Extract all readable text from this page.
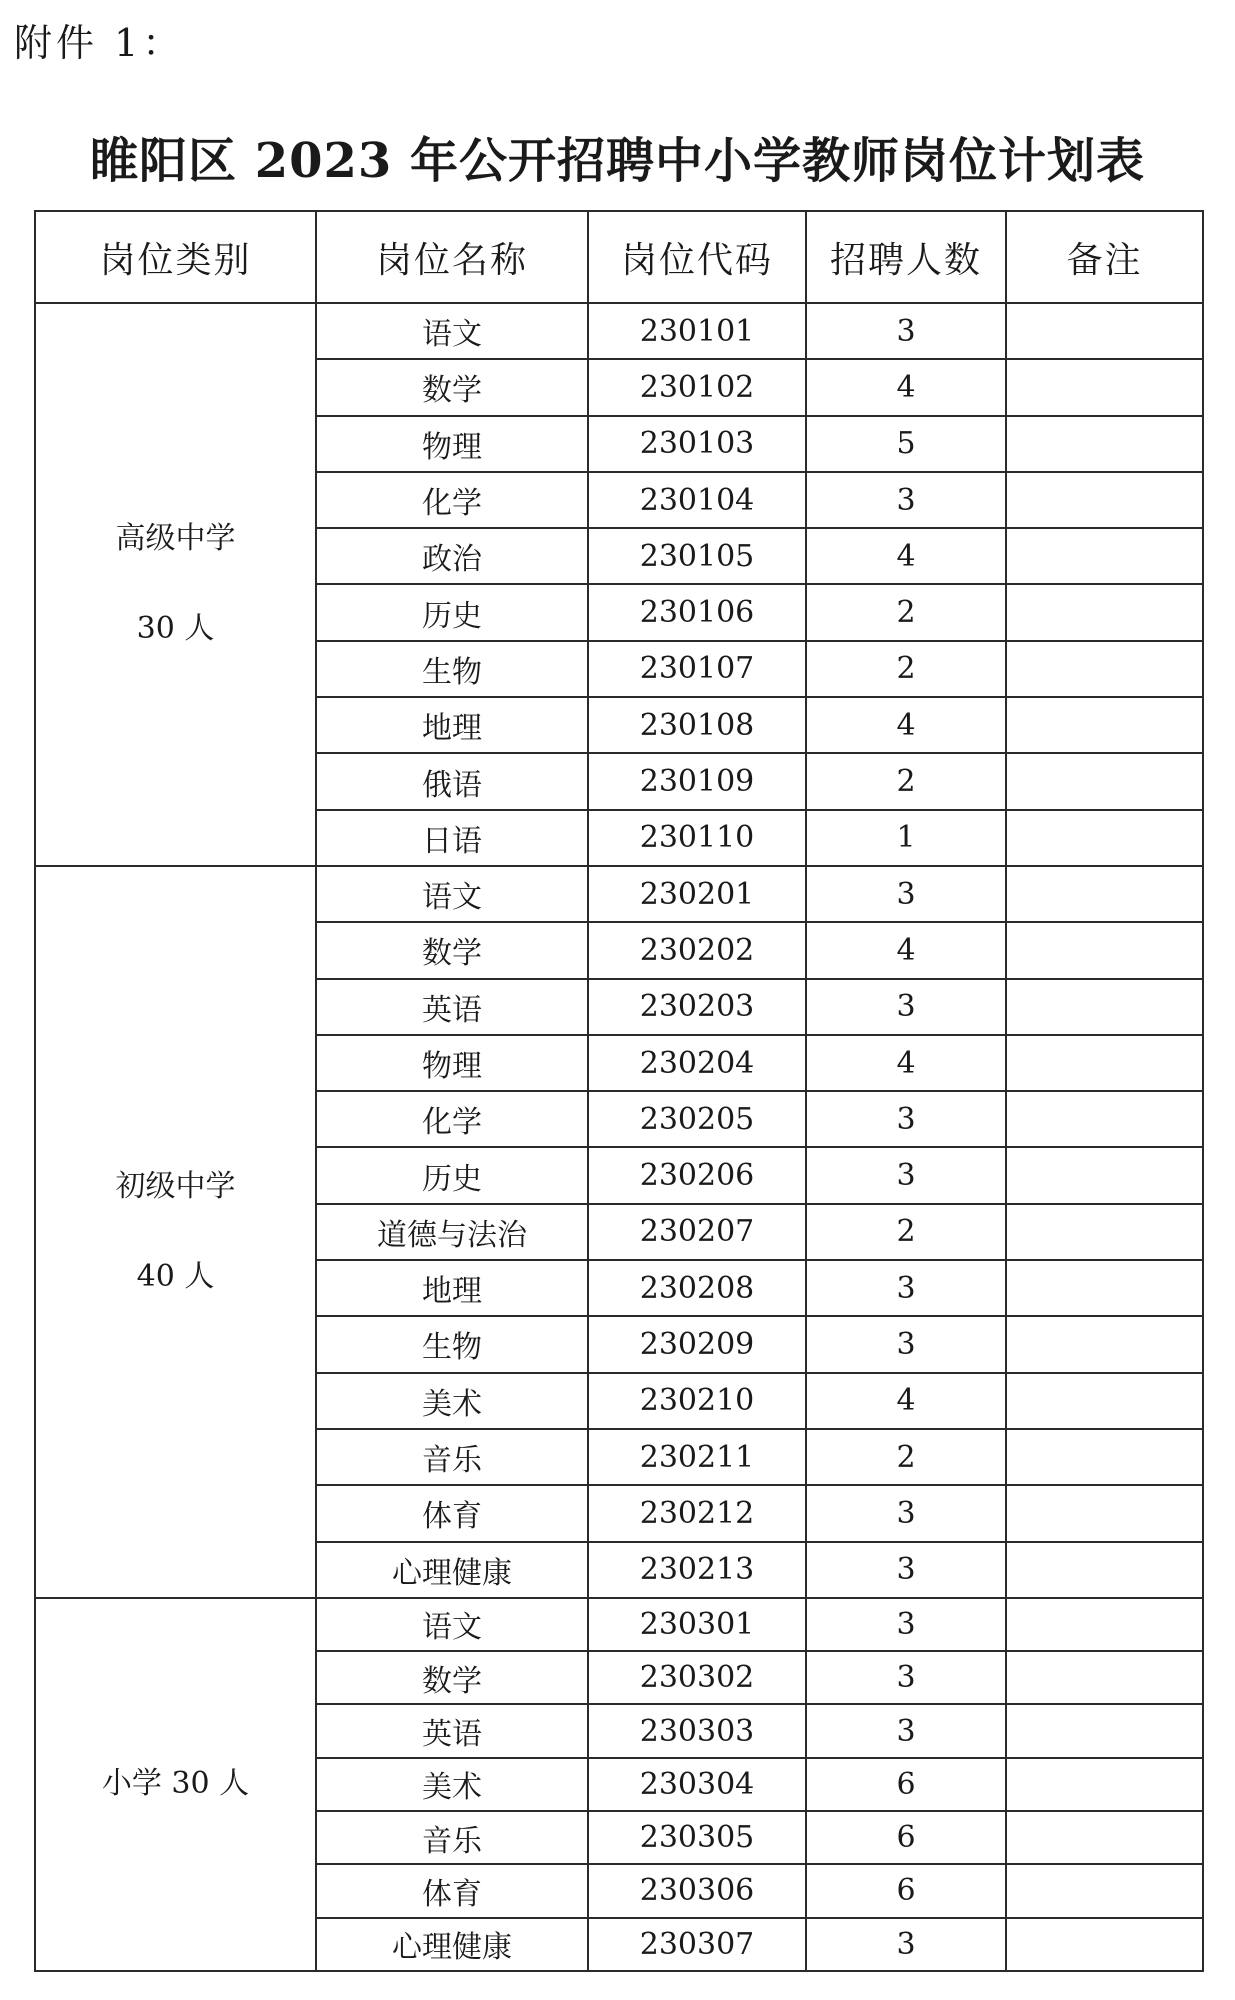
附件 1：
睢阳区 2023 年公开招聘中小学教师岗位计划表
岗位类别	岗位名称	岗位代码	招聘人数	备注

高级中学
30 人	语文	230101	3	
	数学	230102	4	
	物理	230103	5	
	化学	230104	3	
	政治	230105	4	
	历史	230106	2	
	生物	230107	2	
	地理	230108	4	
	俄语	230109	2	
	日语	230110	1	

初级中学
40 人	语文	230201	3	
	数学	230202	4	
	英语	230203	3	
	物理	230204	4	
	化学	230205	3	
	历史	230206	3	
	道德与法治	230207	2	
	地理	230208	3	
	生物	230209	3	
	美术	230210	4	
	音乐	230211	2	
	体育	230212	3	
	心理健康	230213	3	

小学 30 人	语文	230301	3	
	数学	230302	3	
	英语	230303	3	
	美术	230304	6	
	音乐	230305	6	
	体育	230306	6	
	心理健康	230307	3	
